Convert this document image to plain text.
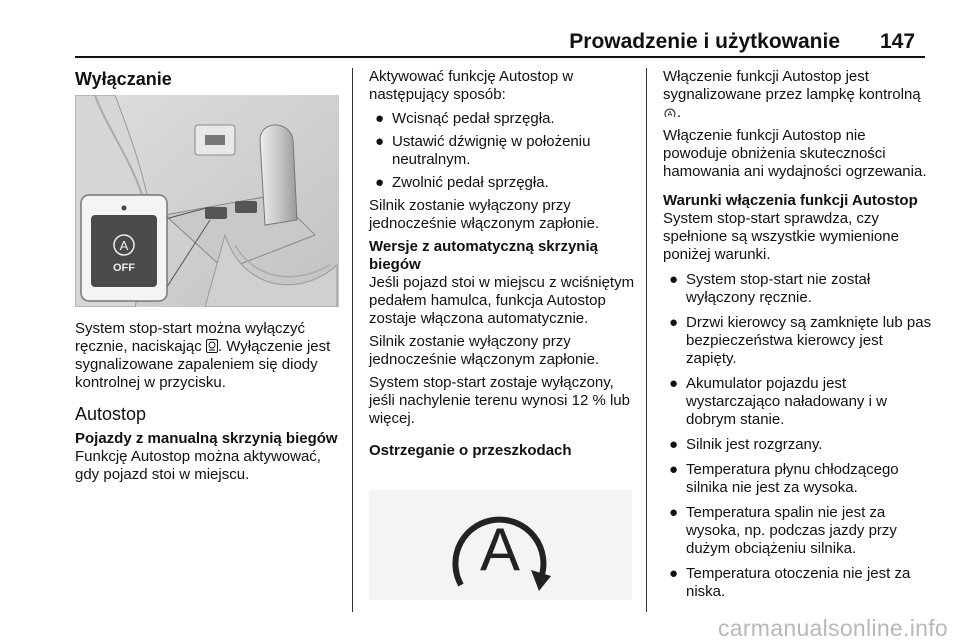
Prowadzenie i użytkowanie 147
Wyłączanie
A
OFF

System stop-start można wyłączyć ręcznie, naciskając . Wyłączenie jest sygnalizowane zapaleniem się diody kontrolnej w przycisku.

Autostop
Pojazdy z manualną skrzynią biegów

Funkcję Autostop można aktywować, gdy pojazd stoi w miejscu.

Aktywować funkcję Autostop w następujący sposób:

● Wcisnąć pedał sprzęgła.
● Ustawić dźwignię w położeniu neutralnym.
● Zwolnić pedał sprzęgła.

Silnik zostanie wyłączony przy jednocześnie włączonym zapłonie.

Wersje z automatyczną skrzynią biegów

Jeśli pojazd stoi w miejscu z wciśniętym pedałem hamulca, funkcja Autostop zostaje włączona automatycznie.

Silnik zostanie wyłączony przy jednocześnie włączonym zapłonie.

System stop-start zostaje wyłączony, jeśli nachylenie terenu wynosi 12 % lub więcej.

Ostrzeganie o przeszkodach
A

Włączenie funkcji Autostop jest sygnalizowane przez lampkę kontrolną
A .

Włączenie funkcji Autostop nie powoduje obniżenia skuteczności hamowania ani wydajności ogrzewania.

Warunki włączenia funkcji Autostop

System stop-start sprawdza, czy spełnione są wszystkie wymienione poniżej warunki.

● System stop-start nie został wyłączony ręcznie.
● Drzwi kierowcy są zamknięte lub pas bezpieczeństwa kierowcy jest zapięty.
● Akumulator pojazdu jest wystarczająco naładowany i w dobrym stanie.
● Silnik jest rozgrzany.
● Temperatura płynu chłodzącego silnika nie jest za wysoka.
● Temperatura spalin nie jest za wysoka, np. podczas jazdy przy dużym obciążeniu silnika.
● Temperatura otoczenia nie jest za niska.
carmanualsonline.info
